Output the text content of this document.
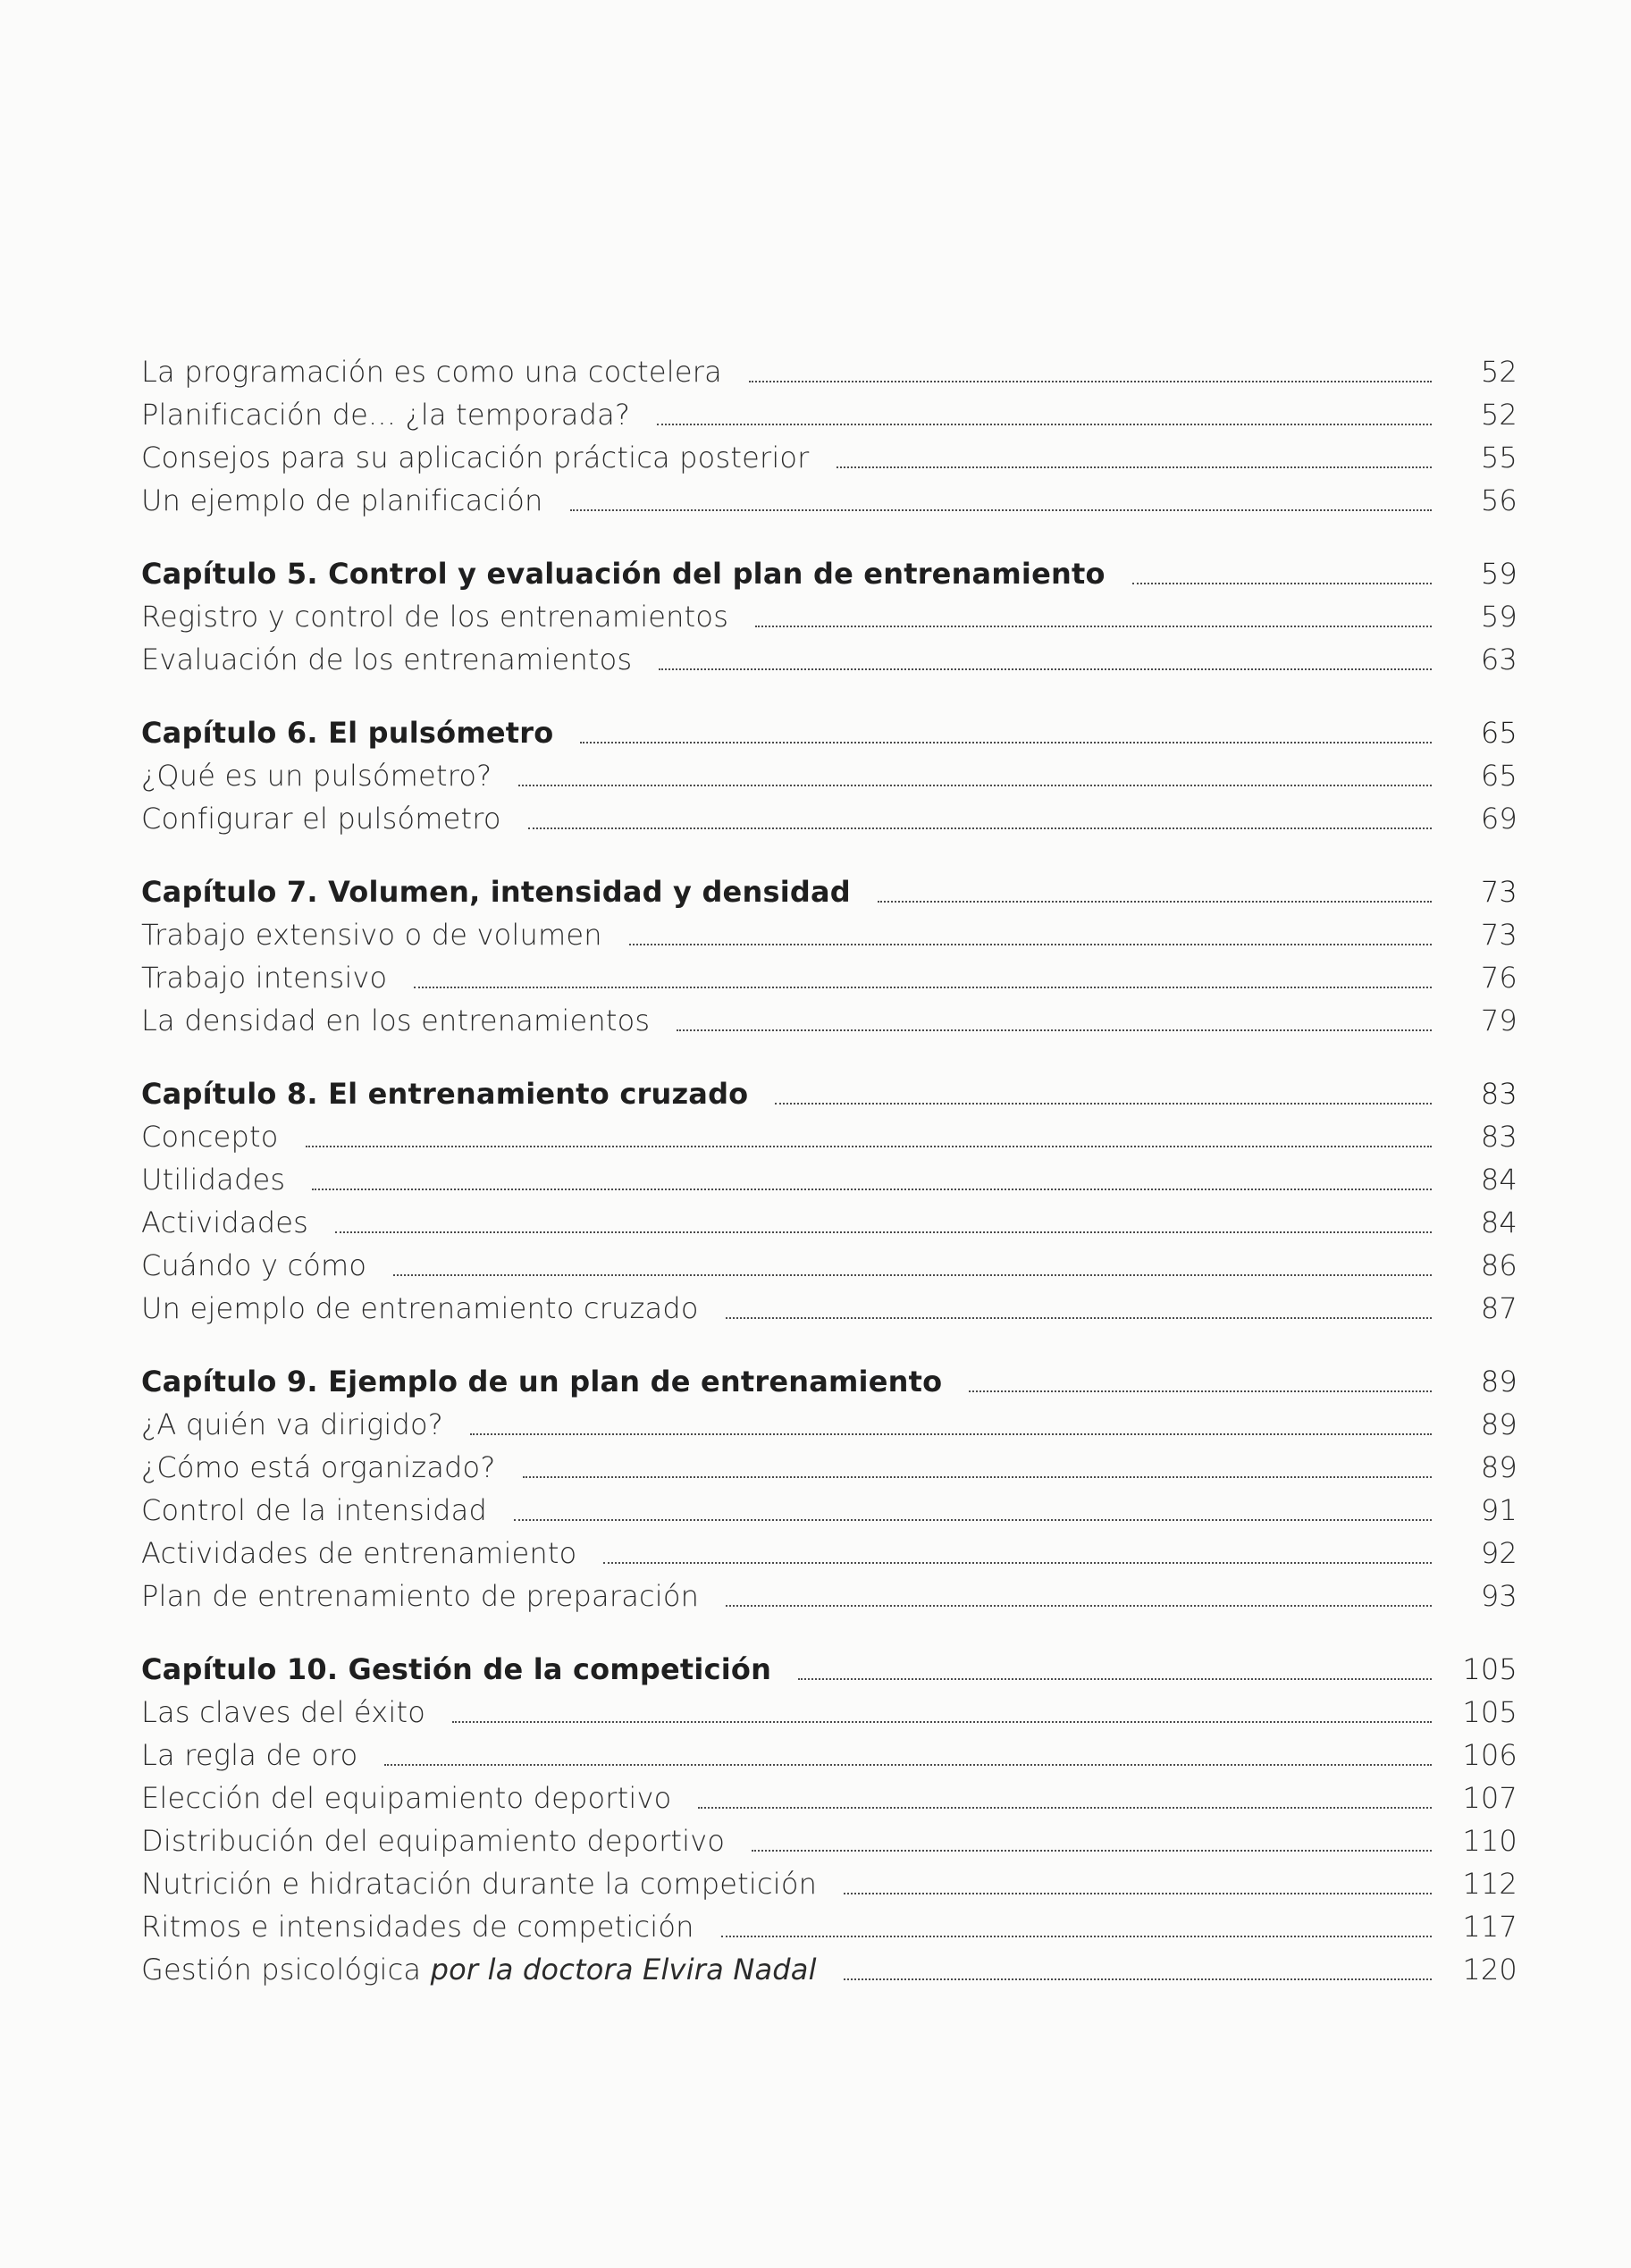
La programación es como una coctelera	52
Planificación de... ¿la temporada?	52
Consejos para su aplicación práctica posterior	55
Un ejemplo de planificación	56
Capítulo 5. Control y evaluación del plan de entrenamiento	59
Registro y control de los entrenamientos	59
Evaluación de los entrenamientos	63
Capítulo 6. El pulsómetro	65
¿Qué es un pulsómetro?	65
Configurar el pulsómetro	69
Capítulo 7. Volumen, intensidad y densidad	73
Trabajo extensivo o de volumen	73
Trabajo intensivo	76
La densidad en los entrenamientos	79
Capítulo 8. El entrenamiento cruzado	83
Concepto	83
Utilidades	84
Actividades	84
Cuándo y cómo	86
Un ejemplo de entrenamiento cruzado	87
Capítulo 9. Ejemplo de un plan de entrenamiento	89
¿A quién va dirigido?	89
¿Cómo está organizado?	89
Control de la intensidad	91
Actividades de entrenamiento	92
Plan de entrenamiento de preparación	93
Capítulo 10. Gestión de la competición	105
Las claves del éxito	105
La regla de oro	106
Elección del equipamiento deportivo	107
Distribución del equipamiento deportivo	110
Nutrición e hidratación durante la competición	112
Ritmos e intensidades de competición	117
Gestión psicológica por la doctora Elvira Nadal	120
